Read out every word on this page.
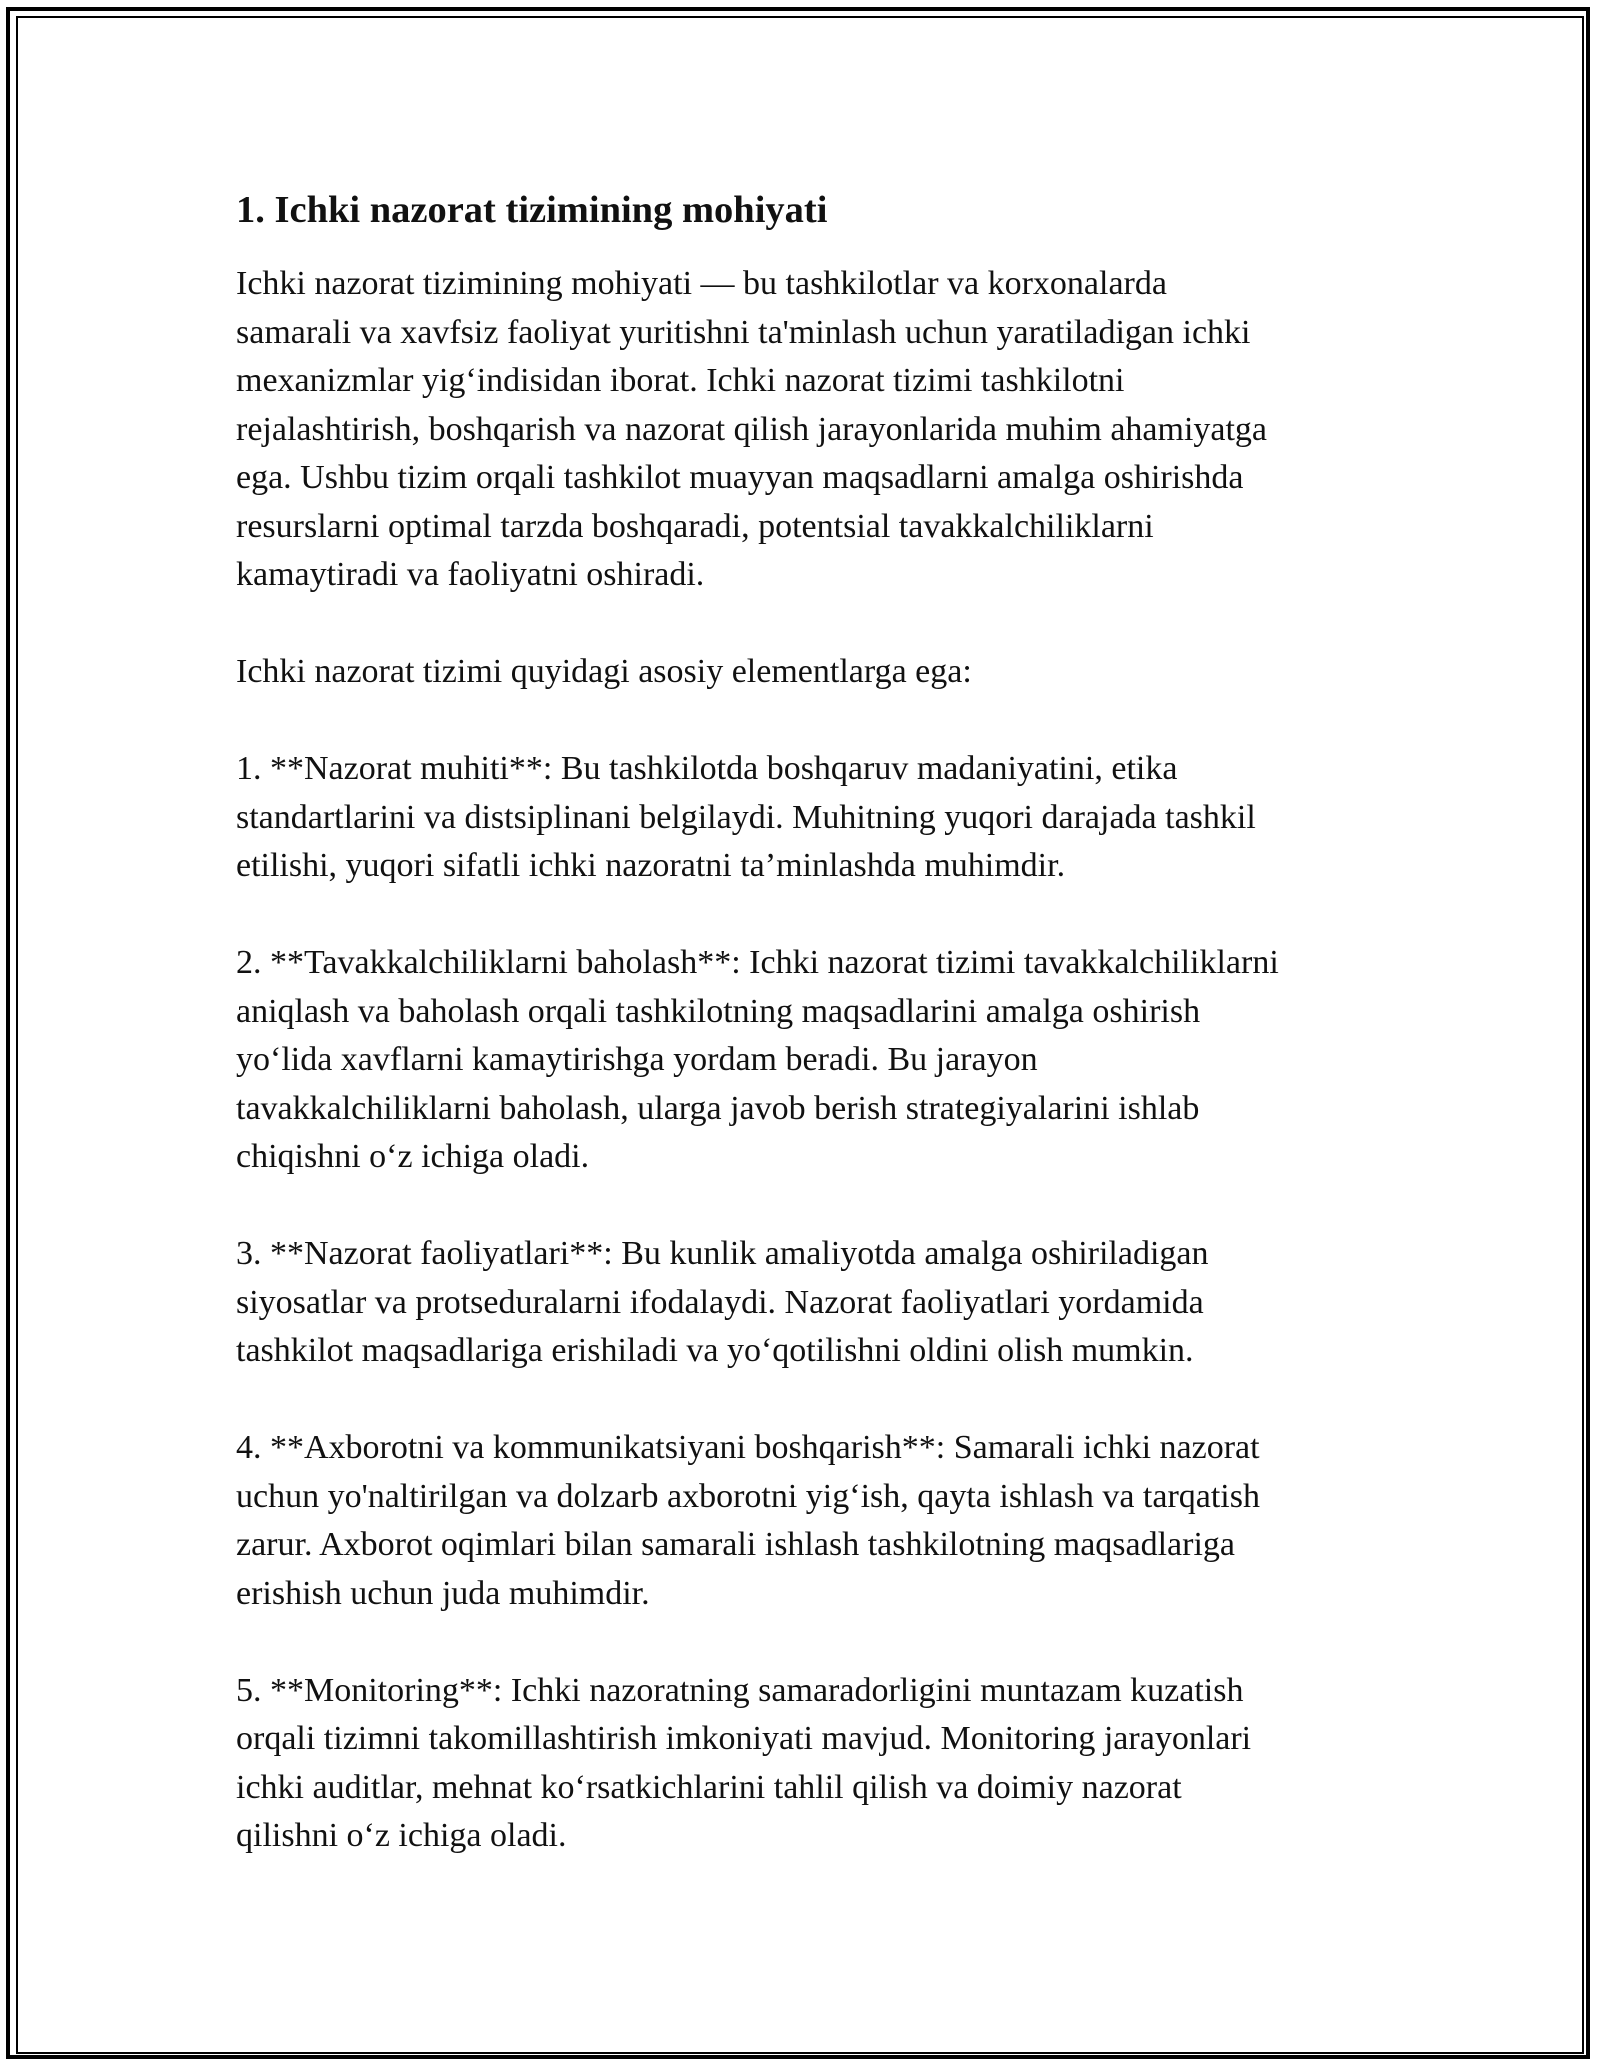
1. Ichki nazorat tizimining mohiyati
Ichki nazorat tizimining mohiyati — bu tashkilotlar va korxonalarda
samarali va xavfsiz faoliyat yuritishni ta'minlash uchun yaratiladigan ichki
mexanizmlar yig‘indisidan iborat. Ichki nazorat tizimi tashkilotni
rejalashtirish, boshqarish va nazorat qilish jarayonlarida muhim ahamiyatga
ega. Ushbu tizim orqali tashkilot muayyan maqsadlarni amalga oshirishda
resurslarni optimal tarzda boshqaradi, potentsial tavakkalchiliklarni
kamaytiradi va faoliyatni oshiradi.
Ichki nazorat tizimi quyidagi asosiy elementlarga ega:
1. **Nazorat muhiti**: Bu tashkilotda boshqaruv madaniyatini, etika
standartlarini va distsiplinani belgilaydi. Muhitning yuqori darajada tashkil
etilishi, yuqori sifatli ichki nazoratni ta’minlashda muhimdir.
2. **Tavakkalchiliklarni baholash**: Ichki nazorat tizimi tavakkalchiliklarni
aniqlash va baholash orqali tashkilotning maqsadlarini amalga oshirish
yo‘lida xavflarni kamaytirishga yordam beradi. Bu jarayon
tavakkalchiliklarni baholash, ularga javob berish strategiyalarini ishlab
chiqishni o‘z ichiga oladi.
3. **Nazorat faoliyatlari**: Bu kunlik amaliyotda amalga oshiriladigan
siyosatlar va protseduralarni ifodalaydi. Nazorat faoliyatlari yordamida
tashkilot maqsadlariga erishiladi va yo‘qotilishni oldini olish mumkin.
4. **Axborotni va kommunikatsiyani boshqarish**: Samarali ichki nazorat
uchun yo'naltirilgan va dolzarb axborotni yig‘ish, qayta ishlash va tarqatish
zarur. Axborot oqimlari bilan samarali ishlash tashkilotning maqsadlariga
erishish uchun juda muhimdir.
5. **Monitoring**: Ichki nazoratning samaradorligini muntazam kuzatish
orqali tizimni takomillashtirish imkoniyati mavjud. Monitoring jarayonlari
ichki auditlar, mehnat ko‘rsatkichlarini tahlil qilish va doimiy nazorat
qilishni o‘z ichiga oladi.
